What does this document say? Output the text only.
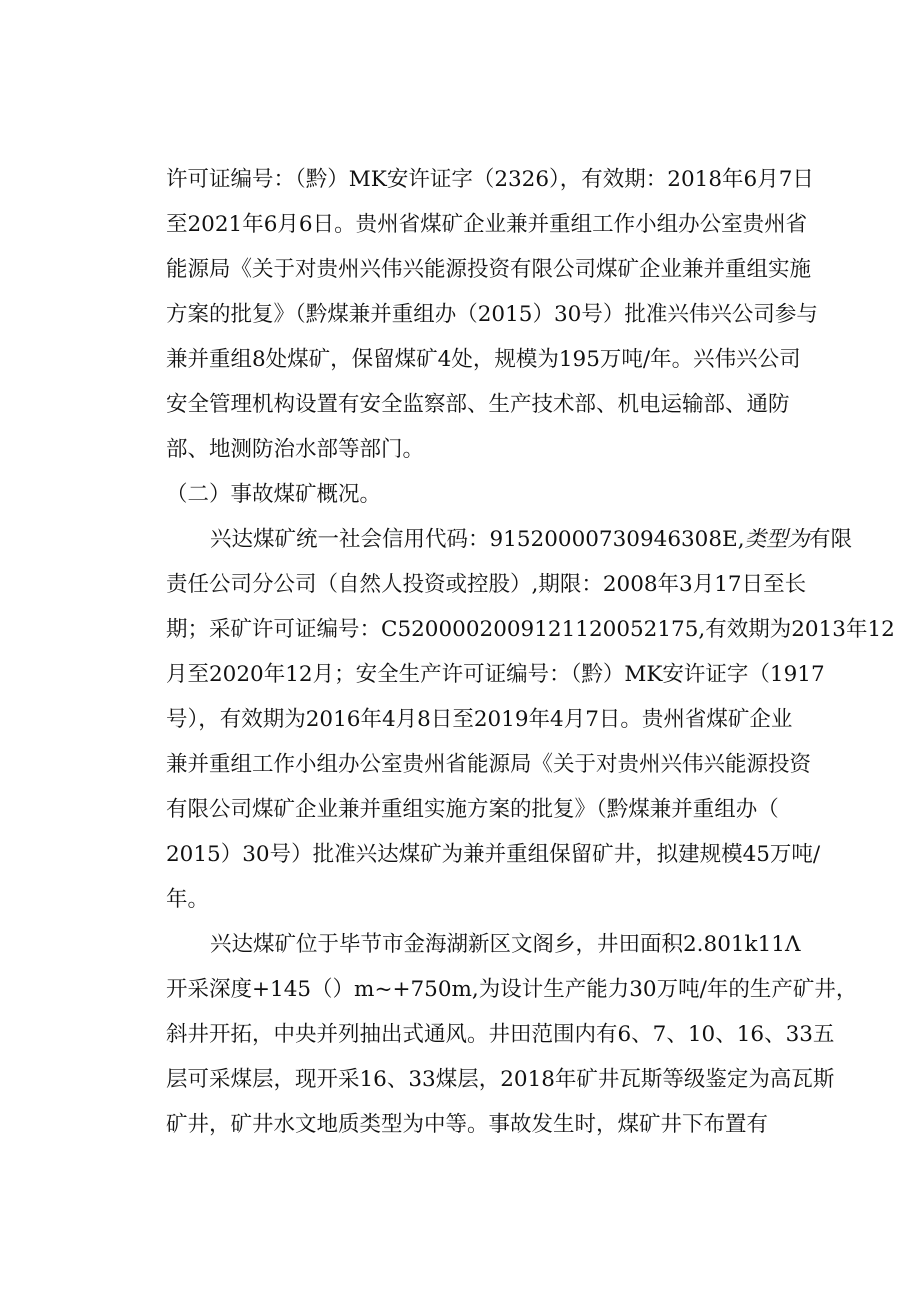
许可证编号：（黔）MK安许证字（2326），有效期：2018年6月7日
至2021年6月6日。贵州省煤矿企业兼并重组工作小组办公室贵州省
能源局《关于对贵州兴伟兴能源投资有限公司煤矿企业兼并重组实施
方案的批复》（黔煤兼并重组办（2015）30号）批准兴伟兴公司参与
兼并重组8处煤矿，保留煤矿4处，规模为195万吨/年。兴伟兴公司
安全管理机构设置有安全监察部、生产技术部、机电运输部、通防
部、地测防治水部等部门。
（二）事故煤矿概况。
兴达煤矿统一社会信用代码：9152000073094630​8E,类型为有限
责任公司分公司（自然人投资或控股）,期限：2008年3月17日至长
期；采矿许可证编号：C5200002009121120052175,有效期为2013年12
月至2020年12月；安全生产许可证编号：（黔）MK安许证字（1917
号），有效期为2016年4月8日至2019年4月7日。贵州省煤矿企业
兼并重组工作小组办公室贵州省能源局《关于对贵州兴伟兴能源投资
有限公司煤矿企业兼并重组实施方案的批复》（黔煤兼并重组办（
2015）30号）批准兴达煤矿为兼并重组保留矿井，拟建规模45万吨/
年。
兴达煤矿位于毕节市金海湖新区文阁乡，井田面积2.801k11Λ
开采深度+145（）m~+750m,为设计生产能力30万吨/年的生产矿井，
斜井开拓，中央并列抽出式通风。井田范围内有6、7、10、16、33五
层可采煤层，现开采16、33煤层，2018年矿井瓦斯等级鉴定为高瓦斯
矿井，矿井水文地质类型为中等。事故发生时，煤矿井下布置有
